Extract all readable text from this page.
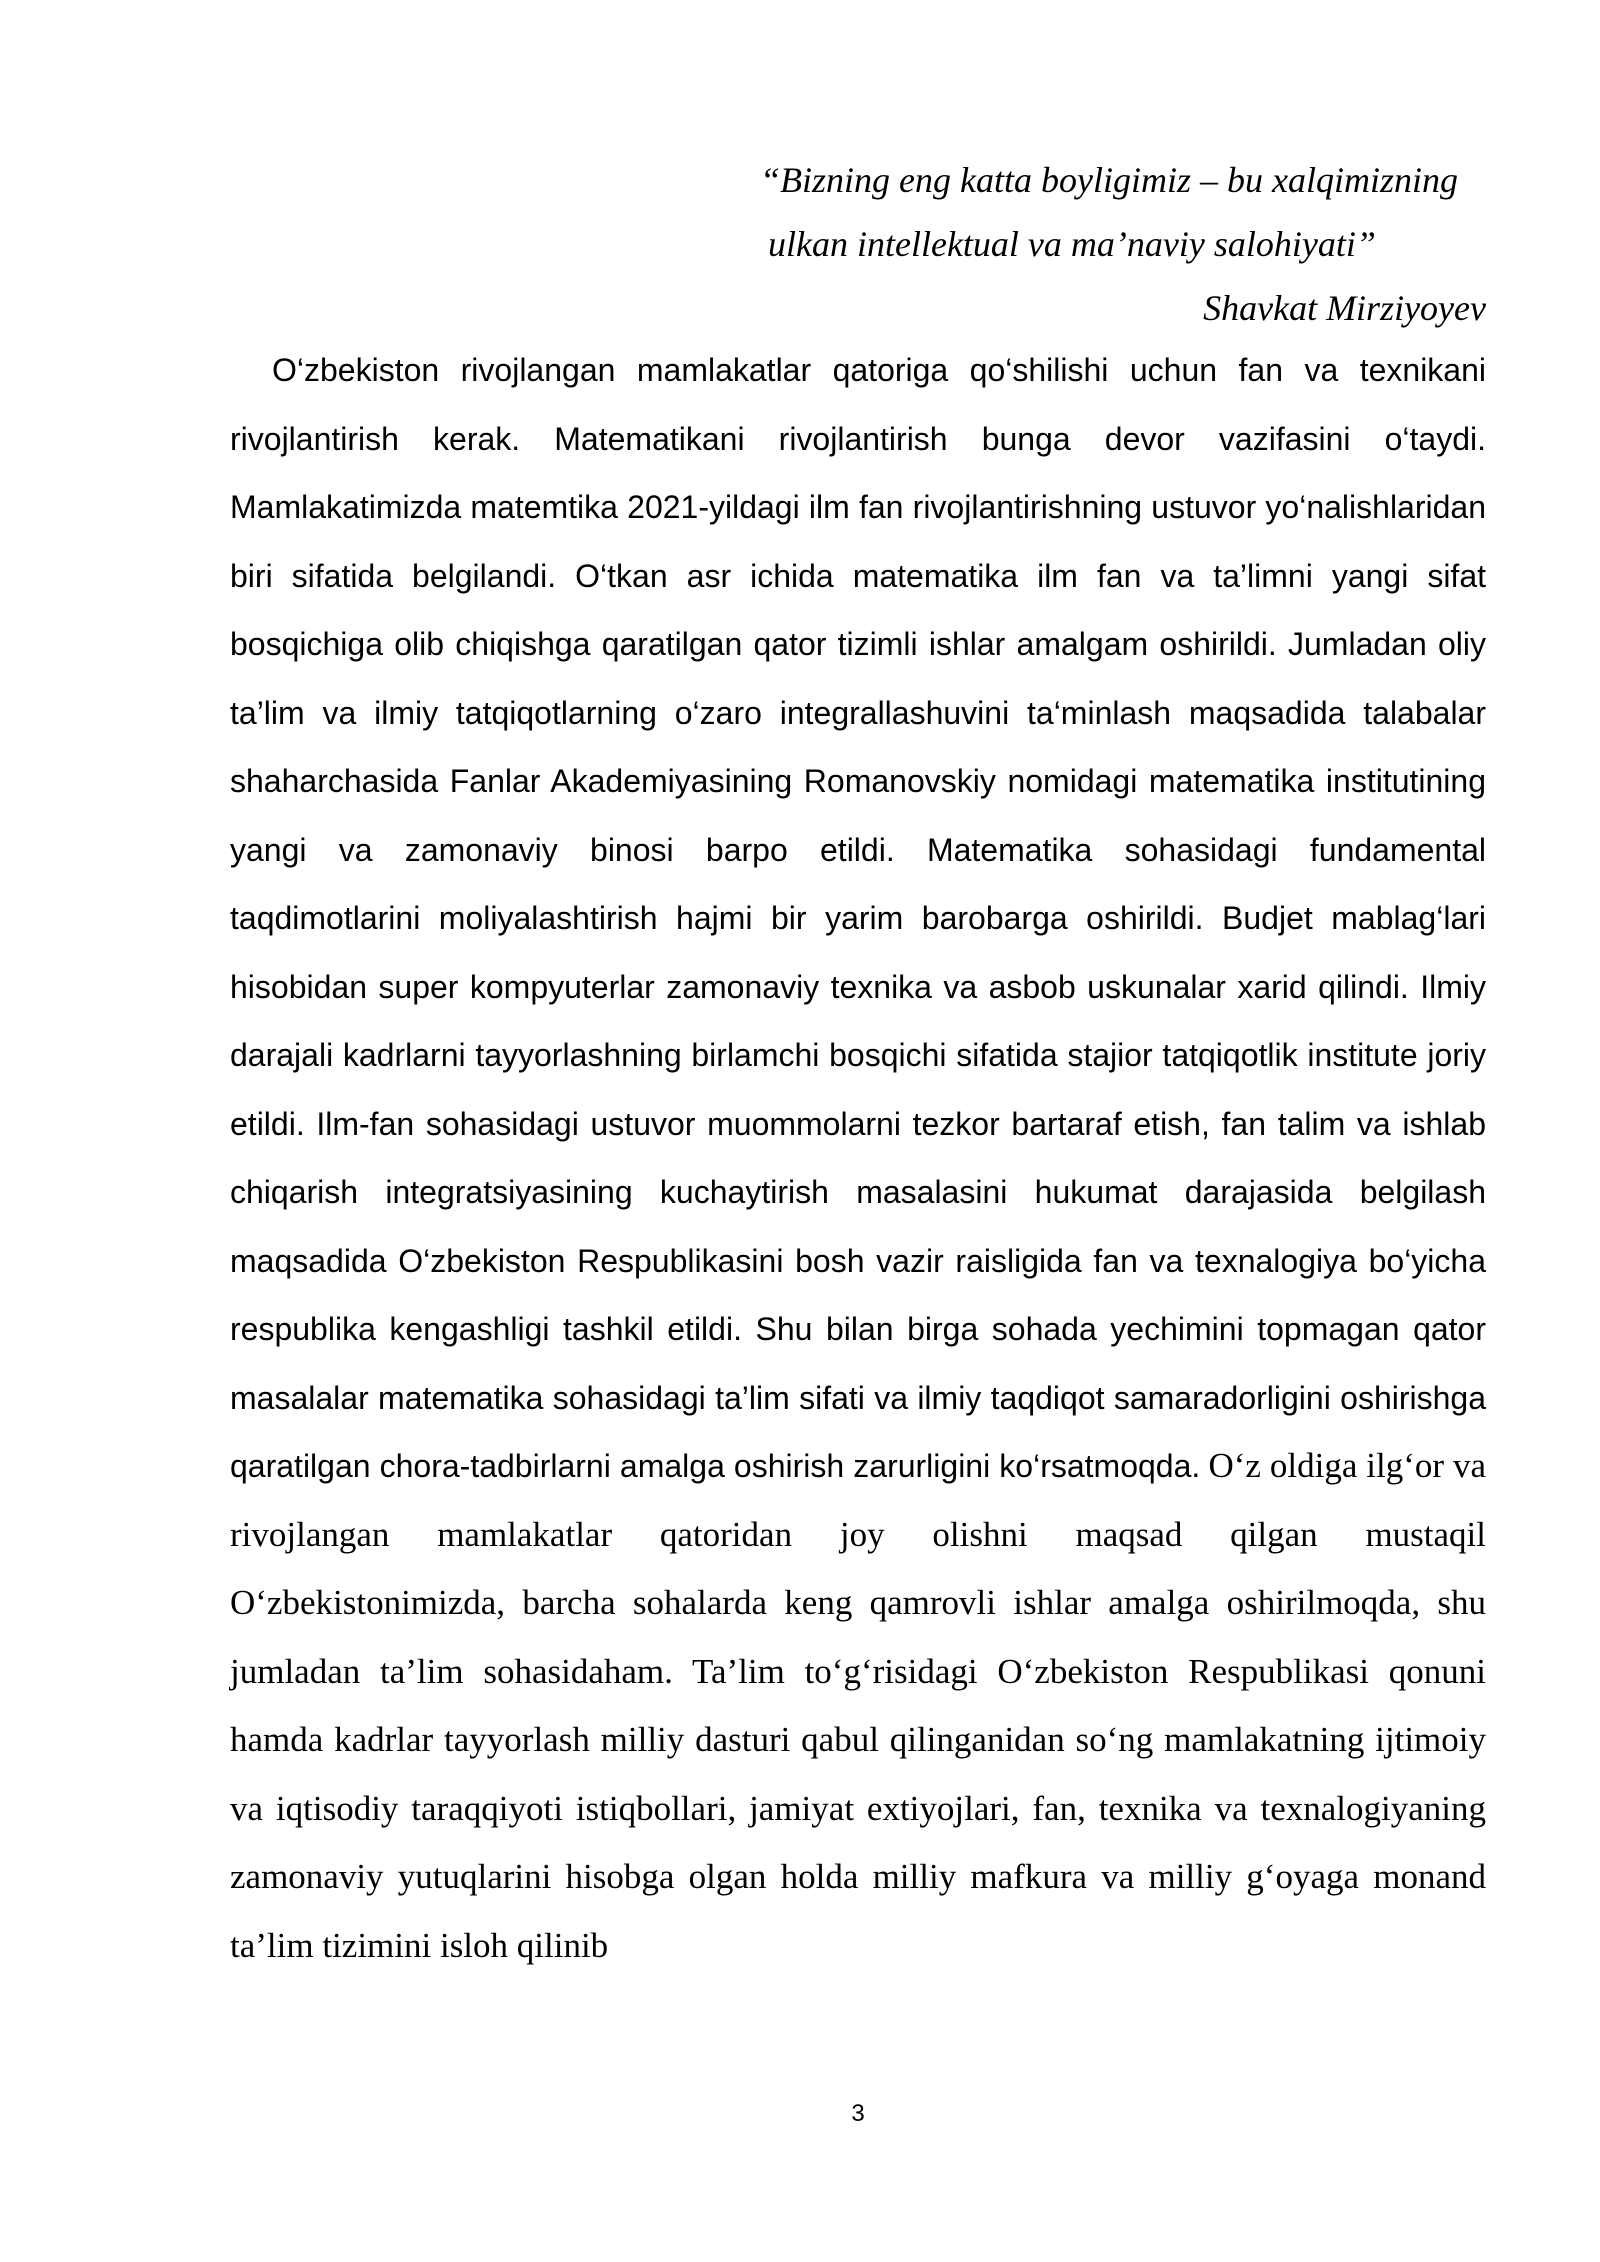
“Bizning eng katta boyligimiz – bu xalqimizning
ulkan intellektual va ma’naviy salohiyati”
Shavkat Mirziyoyev

O‘zbekiston rivojlangan mamlakatlar qatoriga qo‘shilishi uchun fan va texnikani rivojlantirish kerak. Matematikani rivojlantirish bunga devor vazifasini o‘taydi. Mamlakatimizda matemtika 2021-yildagi ilm fan rivojlantirishning ustuvor yo‘nalishlaridan biri sifatida belgilandi. O‘tkan asr ichida matematika ilm fan va ta’limni yangi sifat bosqichiga olib chiqishga qaratilgan qator tizimli ishlar amalgam oshirildi. Jumladan oliy ta’lim va ilmiy tatqiqotlarning o‘zaro integrallashuvini ta‘minlash maqsadida talabalar shaharchasida Fanlar Akademiyasining Romanovskiy nomidagi matematika institutining yangi va zamonaviy binosi barpo etildi. Matematika sohasidagi fundamental taqdimotlarini moliyalashtirish hajmi bir yarim barobarga oshirildi. Budjet mablag‘lari hisobidan super kompyuterlar zamonaviy texnika va asbob uskunalar xarid qilindi. Ilmiy darajali kadrlarni tayyorlashning birlamchi bosqichi sifatida stajior tatqiqotlik institute joriy etildi. Ilm-fan sohasidagi ustuvor muommolarni tezkor bartaraf etish, fan talim va ishlab chiqarish integratsiyasining kuchaytirish masalasini hukumat darajasida belgilash maqsadida O‘zbekiston Respublikasini bosh vazir raisligida fan va texnalogiya bo‘yicha respublika kengashligi tashkil etildi. Shu bilan birga sohada yechimini topmagan qator masalalar matematika sohasidagi ta’lim sifati va ilmiy taqdiqot samaradorligini oshirishga qaratilgan chora-tadbirlarni amalga oshirish zarurligini ko‘rsatmoqda. O‘z oldiga ilg‘or va rivojlangan mamlakatlar qatoridan joy olishni maqsad qilgan mustaqil O‘zbekistonimizda, barcha sohalarda keng qamrovli ishlar amalga oshirilmoqda, shu jumladan ta’lim sohasidaham. Ta’lim to‘g‘risidagi O‘zbekiston Respublikasi qonuni hamda kadrlar tayyorlash milliy dasturi qabul qilinganidan so‘ng mamlakatning ijtimoiy va iqtisodiy taraqqiyoti istiqbollari, jamiyat extiyojlari, fan, texnika va texnalogiyaning zamonaviy yutuqlarini hisobga olgan holda milliy mafkura va milliy g‘oyaga monand ta’lim tizimini isloh qilinib

3
